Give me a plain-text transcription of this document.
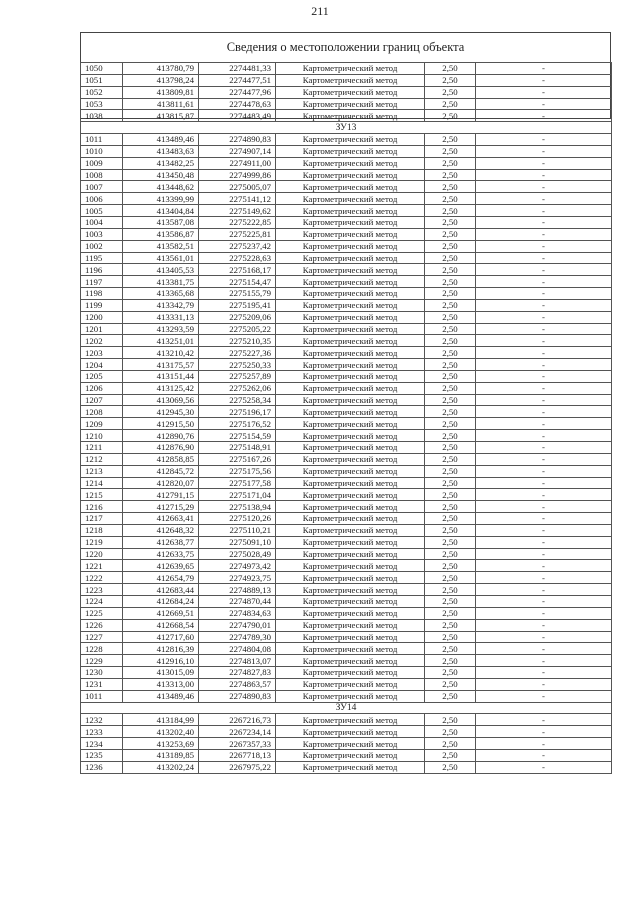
211
Сведения о местоположении границ объекта
1050	413780,79	2274481,33	Картометрический метод	2,50	-
1051	413798,24	2274477,51	Картометрический метод	2,50	-
1052	413809,81	2274477,96	Картометрический метод	2,50	-
1053	413811,61	2274478,63	Картометрический метод	2,50	-
1038	413815,87	2274483,49	Картометрический метод	2,50	-
ЗУ13					
1011	413489,46	2274890,83	Картометрический метод	2,50	-
1010	413483,63	2274907,14	Картометрический метод	2,50	-
1009	413482,25	2274911,00	Картометрический метод	2,50	-
1008	413450,48	2274999,86	Картометрический метод	2,50	-
1007	413448,62	2275005,07	Картометрический метод	2,50	-
1006	413399,99	2275141,12	Картометрический метод	2,50	-
1005	413404,84	2275149,62	Картометрический метод	2,50	-
1004	413587,08	2275222,85	Картометрический метод	2,50	-
1003	413586,87	2275225,81	Картометрический метод	2,50	-
1002	413582,51	2275237,42	Картометрический метод	2,50	-
1195	413561,01	2275228,63	Картометрический метод	2,50	-
1196	413405,53	2275168,17	Картометрический метод	2,50	-
1197	413381,75	2275154,47	Картометрический метод	2,50	-
1198	413365,68	2275155,79	Картометрический метод	2,50	-
1199	413342,79	2275195,41	Картометрический метод	2,50	-
1200	413331,13	2275209,06	Картометрический метод	2,50	-
1201	413293,59	2275205,22	Картометрический метод	2,50	-
1202	413251,01	2275210,35	Картометрический метод	2,50	-
1203	413210,42	2275227,36	Картометрический метод	2,50	-
1204	413175,57	2275250,33	Картометрический метод	2,50	-
1205	413151,44	2275257,89	Картометрический метод	2,50	-
1206	413125,42	2275262,06	Картометрический метод	2,50	-
1207	413069,56	2275258,34	Картометрический метод	2,50	-
1208	412945,30	2275196,17	Картометрический метод	2,50	-
1209	412915,50	2275176,52	Картометрический метод	2,50	-
1210	412890,76	2275154,59	Картометрический метод	2,50	-
1211	412876,90	2275148,91	Картометрический метод	2,50	-
1212	412858,85	2275167,26	Картометрический метод	2,50	-
1213	412845,72	2275175,56	Картометрический метод	2,50	-
1214	412820,07	2275177,58	Картометрический метод	2,50	-
1215	412791,15	2275171,04	Картометрический метод	2,50	-
1216	412715,29	2275138,94	Картометрический метод	2,50	-
1217	412663,41	2275120,26	Картометрический метод	2,50	-
1218	412648,32	2275110,21	Картометрический метод	2,50	-
1219	412638,77	2275091,10	Картометрический метод	2,50	-
1220	412633,75	2275028,49	Картометрический метод	2,50	-
1221	412639,65	2274973,42	Картометрический метод	2,50	-
1222	412654,79	2274923,75	Картометрический метод	2,50	-
1223	412683,44	2274889,13	Картометрический метод	2,50	-
1224	412684,24	2274870,44	Картометрический метод	2,50	-
1225	412669,51	2274834,63	Картометрический метод	2,50	-
1226	412668,54	2274790,01	Картометрический метод	2,50	-
1227	412717,60	2274789,30	Картометрический метод	2,50	-
1228	412816,39	2274804,08	Картометрический метод	2,50	-
1229	412916,10	2274813,07	Картометрический метод	2,50	-
1230	413015,09	2274827,83	Картометрический метод	2,50	-
1231	413313,00	2274863,57	Картометрический метод	2,50	-
1011	413489,46	2274890,83	Картометрический метод	2,50	-
ЗУ14					
1232	413184,99	2267216,73	Картометрический метод	2,50	-
1233	413202,40	2267234,14	Картометрический метод	2,50	-
1234	413253,69	2267357,33	Картометрический метод	2,50	-
1235	413189,85	2267718,13	Картометрический метод	2,50	-
1236	413202,24	2267975,22	Картометрический метод	2,50	-
